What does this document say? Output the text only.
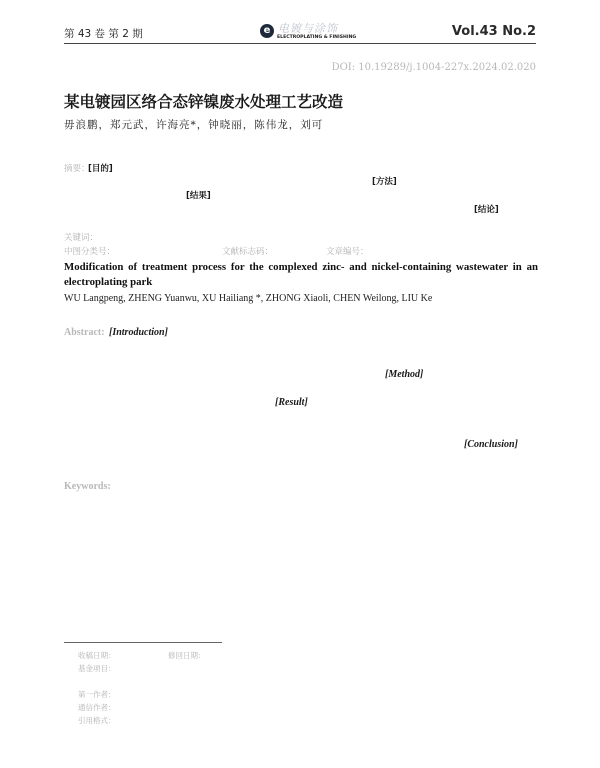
第 43 卷 第 2 期	e 电镀与涂饰
ELECTROPLATING & FINISHING	Vol.43 No.2
DOI: 10.19289/j.1004-227x.2024.02.020
某电镀园区络合态锌镍废水处理工艺改造
毋浪鹏，郑元武，许海亮*，钟晓丽，陈伟龙，刘可
摘要：
[目的]
[方法]
[结果]
[结论]
关键词：
中图分类号：	文献标志码：	文章编号：
Modification of treatment process for the complexed zinc- and nickel-containing wastewater in an electroplating park
WU Langpeng, ZHENG Yuanwu, XU Hailiang *, ZHONG Xiaoli, CHEN Weilong, LIU Ke
Abstract: [Introduction]
[Method]
[Result]
[Conclusion]
Keywords:
收稿日期：	修回日期：
基金项目：
第一作者：
通信作者：
引用格式：
